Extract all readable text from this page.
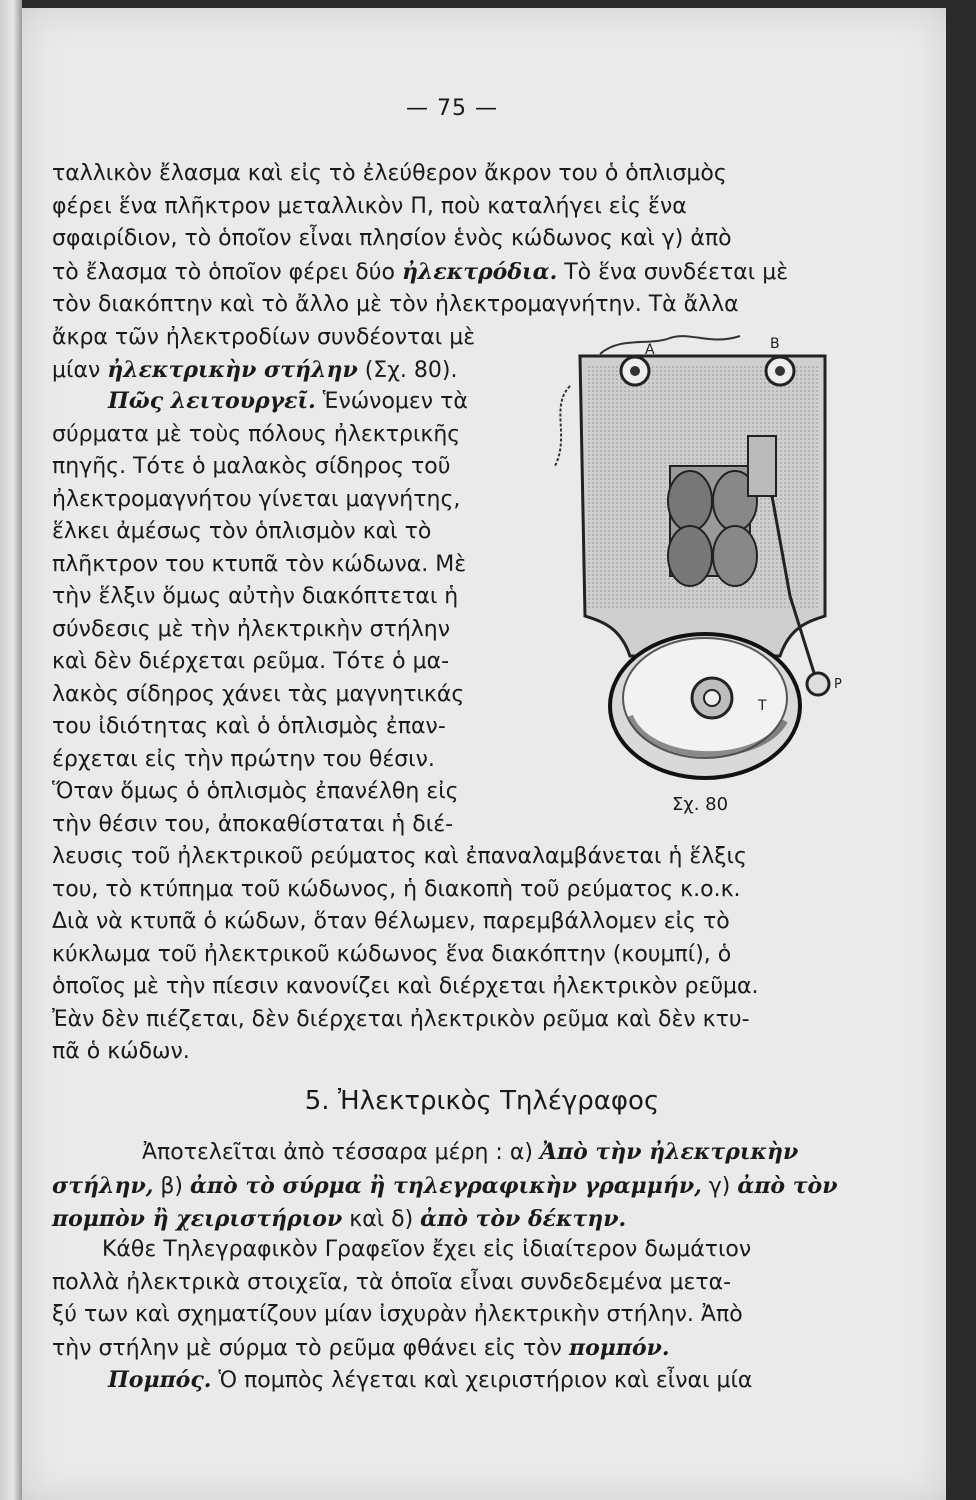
— 75 —
ταλλικὸν ἔλασμα καὶ εἰς τὸ ἐλεύθερον ἄκρον του ὁ ὁπλισμὸς
φέρει ἕνα πλῆκτρον μεταλλικὸν Π, ποὺ καταλήγει εἰς ἕνα
σφαιρίδιον, τὸ ὁποῖον εἶναι πλησίον ἑνὸς κώδωνος καὶ γ) ἀπὸ
τὸ ἔλασμα τὸ ὁποῖον φέρει δύο ἠλεκτρόδια. Τὸ ἕνα συνδέεται μὲ
τὸν διακόπτην καὶ τὸ ἄλλο μὲ τὸν ἠλεκτρομαγνήτην. Τὰ ἄλλα
ἄκρα τῶν ἠλεκτροδίων συνδέονται μὲ
μίαν ἠλεκτρικὴν στήλην (Σχ. 80).
Πῶς λειτουργεῖ. Ἑνώνομεν τὰ
σύρματα μὲ τοὺς πόλους ἠλεκτρικῆς
πηγῆς. Τότε ὁ μαλακὸς σίδηρος τοῦ
ἠλεκτρομαγνήτου γίνεται μαγνήτης,
ἕλκει ἀμέσως τὸν ὁπλισμὸν καὶ τὸ
πλῆκτρον του κτυπᾶ τὸν κώδωνα. Μὲ
τὴν ἕλξιν ὅμως αὐτὴν διακόπτεται ἡ
σύνδεσις μὲ τὴν ἠλεκτρικὴν στήλην
καὶ δὲν διέρχεται ρεῦμα. Τότε ὁ μα-
λακὸς σίδηρος χάνει τὰς μαγνητικάς
του ἰδιότητας καὶ ὁ ὁπλισμὸς ἐπαν-
έρχεται εἰς τὴν πρώτην του θέσιν.
Ὅταν ὅμως ὁ ὁπλισμὸς ἐπανέλθη εἰς
τὴν θέσιν του, ἀποκαθίσταται ἡ διέ-
λευσις τοῦ ἠλεκτρικοῦ ρεύματος καὶ ἐπαναλαμβάνεται ἡ ἕλξις
του, τὸ κτύπημα τοῦ κώδωνος, ἡ διακοπὴ τοῦ ρεύματος κ.ο.κ.
Διὰ νὰ κτυπᾶ ὁ κώδων, ὅταν θέλωμεν, παρεμβάλλομεν εἰς τὸ
κύκλωμα τοῦ ἠλεκτρικοῦ κώδωνος ἕνα διακόπτην (κουμπί), ὁ
ὁποῖος μὲ τὴν πίεσιν κανονίζει καὶ διέρχεται ἠλεκτρικὸν ρεῦμα.
Ἐὰν δὲν πιέζεται, δὲν διέρχεται ἠλεκτρικὸν ρεῦμα καὶ δὲν κτυ-
πᾶ ὁ κώδων.
Α	Β
Ρ
Τ
Σχ. 80
5. Ἠλεκτρικὸς Τηλέγραφος
Ἀποτελεῖται ἀπὸ τέσσαρα μέρη : α) Ἀπὸ τὴν ἠλεκτρικὴν
στήλην, β) ἀπὸ τὸ σύρμα ἢ τηλεγραφικὴν γραμμήν, γ) ἀπὸ τὸν
πομπὸν ἢ χειριστήριον καὶ δ) ἀπὸ τὸν δέκτην.
Κάθε Τηλεγραφικὸν Γραφεῖον ἔχει εἰς ἰδιαίτερον δωμάτιον
πολλὰ ἠλεκτρικὰ στοιχεῖα, τὰ ὁποῖα εἶναι συνδεδεμένα μετα-
ξύ των καὶ σχηματίζουν μίαν ἰσχυρὰν ἠλεκτρικὴν στήλην. Ἀπὸ
τὴν στήλην μὲ σύρμα τὸ ρεῦμα φθάνει εἰς τὸν πομπόν.
Πομπός. Ὁ πομπὸς λέγεται καὶ χειριστήριον καὶ εἶναι μία
